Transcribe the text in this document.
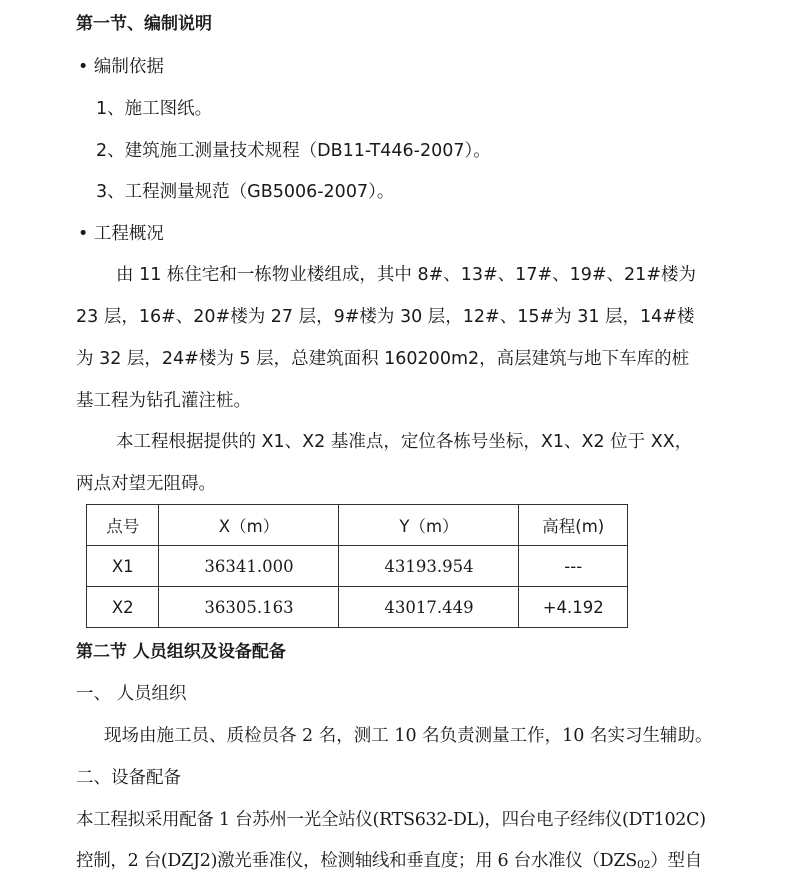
第一节、编制说明
• 编制依据
1、施工图纸。
2、建筑施工测量技术规程（DB11-T446-2007）。
3、工程测量规范（GB5006-2007）。
• 工程概况
由 11 栋住宅和一栋物业楼组成，其中 8#、13#、17#、19#、21#楼为
23 层，16#、20#楼为 27 层，9#楼为 30 层，12#、15#为 31 层，14#楼
为 32 层，24#楼为 5 层，总建筑面积 160200m2，高层建筑与地下车库的桩
基工程为钻孔灌注桩。
本工程根据提供的 X1、X2 基准点，定位各栋号坐标，X1、X2 位于 XX，
两点对望无阻碍。
点号	X（m）	Y（m）	高程(m)
X1	36341.000	43193.954	---
X2	36305.163	43017.449	+4.192
第二节 人员组织及设备配备
一、 人员组织
现场由施工员、质检员各 2 名，测工 10 名负责测量工作，10 名实习生辅助。
二、设备配备
本工程拟采用配备 1 台苏州一光全站仪(RTS632-DL)，四台电子经纬仪(DT102C)
控制，2 台(DZJ2)激光垂准仪，检测轴线和垂直度；用 6 台水准仪（DZS02）型自
